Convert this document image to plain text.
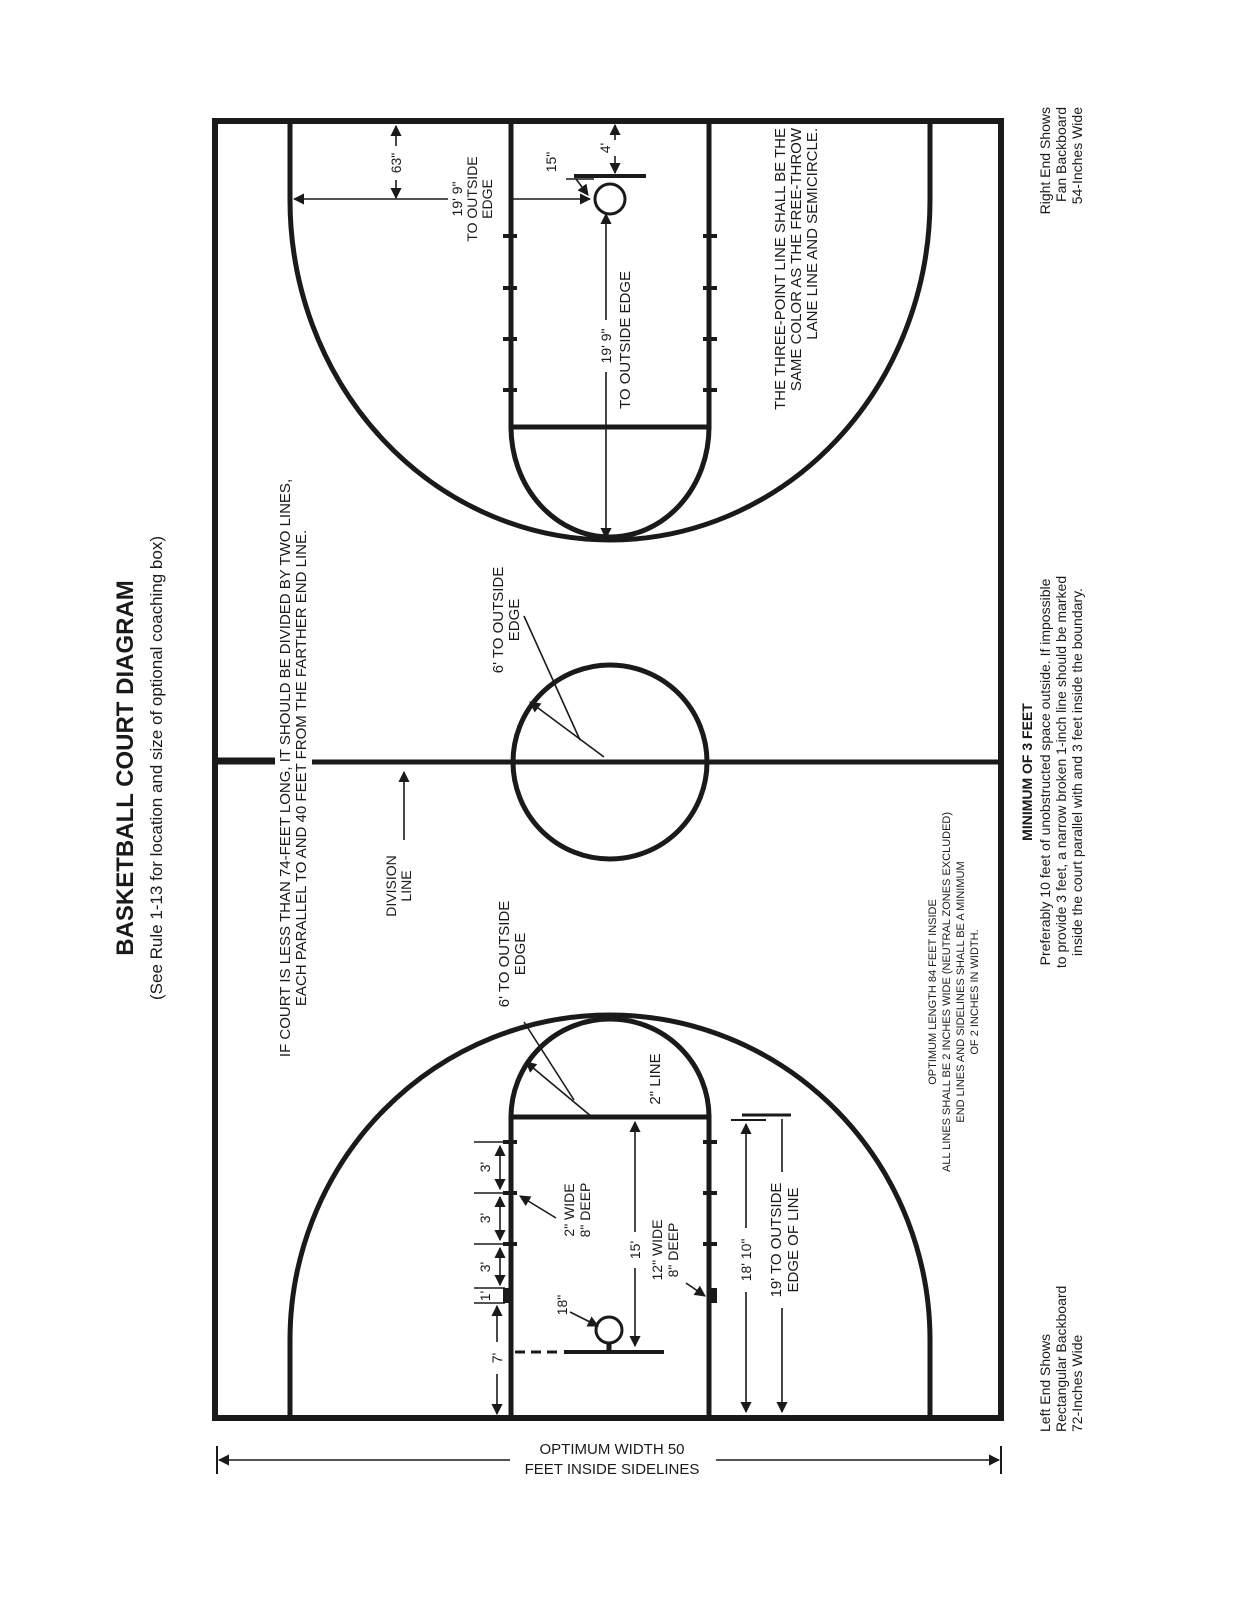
BASKETBALL COURT DIAGRAM (See Rule 1-13 for location and size of optional coaching box)	IF COURT IS LESS THAN 74-FEET LONG, IT SHOULD BE DIVIDED BY TWO LINES, EACH PARALLEL TO AND 40 FEET FROM THE FARTHER END LINE.	DIVISION LINE
63"
19' 9" TO OUTSIDE EDGE
15"
4'
19' 9" TO OUTSIDE EDGE	THE THREE-POINT LINE SHALL BE THE SAME COLOR AS THE FREE-THROW LANE LINE AND SEMICIRCLE.
6' TO OUTSIDE EDGE
6' TO OUTSIDE EDGE
3'
3'
3'
1'
7'
18"
2" WIDE 8" DEEP
15' 12" WIDE 8" DEEP
2" LINE
18' 10" 19' TO OUTSIDE EDGE OF LINE
OPTIMUM LENGTH 84 FEET INSIDE ALL LINES SHALL BE 2 INCHES WIDE (NEUTRAL ZONES EXCLUDED) END LINES AND SIDELINES SHALL BE A MINIMUM OF 2 INCHES IN WIDTH.
MINIMUM OF 3 FEET Preferably 10 feet of unobstructed space outside. If impossible to provide 3 feet, a narrow broken 1-inch line should be marked inside the court parallel with and 3 feet inside the boundary.
Right End Shows Fan Backboard 54-Inches Wide
Left End Shows Rectangular Backboard 72-Inches Wide
OPTIMUM WIDTH 50
FEET INSIDE SIDELINES
